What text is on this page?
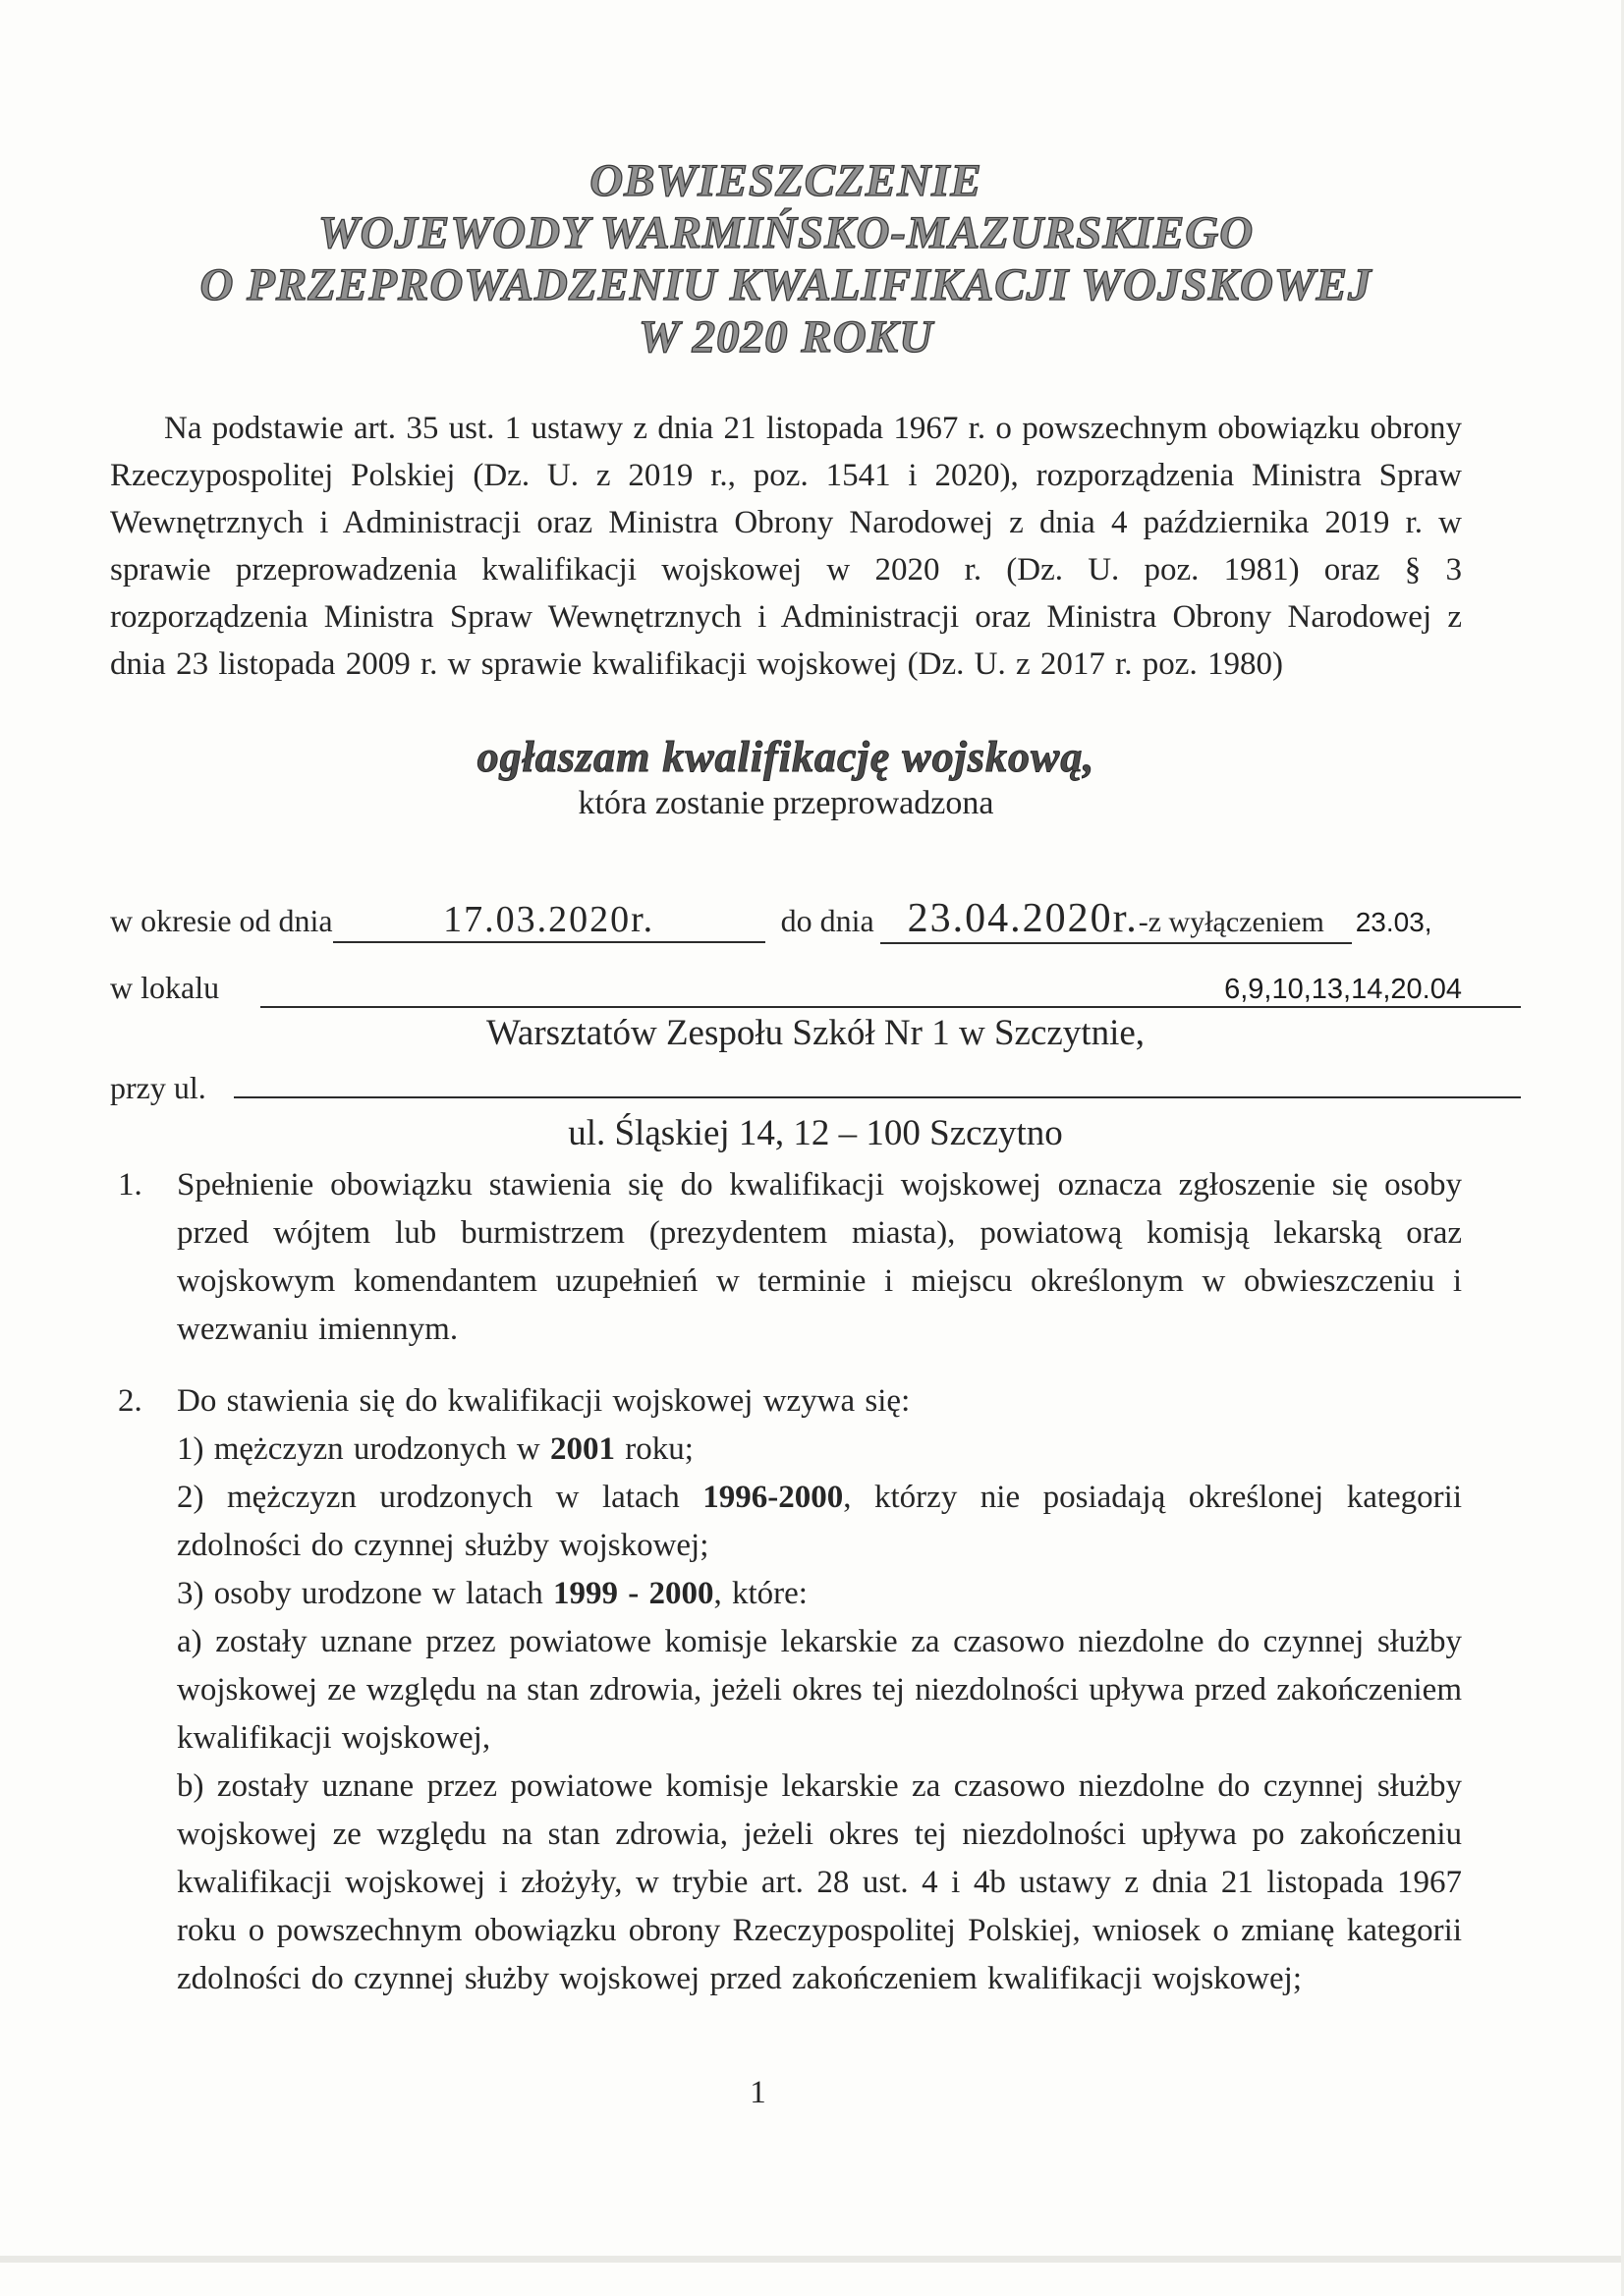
OBWIESZCZENIE
WOJEWODY WARMIŃSKO-MAZURSKIEGO
O PRZEPROWADZENIU KWALIFIKACJI WOJSKOWEJ
W 2020 ROKU

Na podstawie art. 35 ust. 1 ustawy z dnia 21 listopada 1967 r. o powszechnym obowiązku obrony Rzeczypospolitej Polskiej (Dz. U. z 2019 r., poz. 1541 i 2020), rozporządzenia Ministra Spraw Wewnętrznych i Administracji oraz Ministra Obrony Narodowej z dnia 4 października 2019 r. w sprawie przeprowadzenia kwalifikacji wojskowej w 2020 r. (Dz. U. poz. 1981) oraz § 3 rozporządzenia Ministra Spraw Wewnętrznych i Administracji oraz Ministra Obrony Narodowej z dnia 23 listopada 2009 r. w sprawie kwalifikacji wojskowej (Dz. U. z 2017 r. poz. 1980)

ogłaszam kwalifikację wojskową,
która zostanie przeprowadzona
w okresie od dnia	17.03.2020r.	do dnia 23.04.2020r.-z wyłączeniem	23.03,
w lokalu	6,9,10,13,14,20.04
Warsztatów Zespołu Szkół Nr 1 w Szczytnie,
przy ul.
ul. Śląskiej 14, 12 – 100 Szczytno
1. Spełnienie obowiązku stawienia się do kwalifikacji wojskowej oznacza zgłoszenie się osoby przed wójtem lub burmistrzem (prezydentem miasta), powiatową komisją lekarską oraz wojskowym komendantem uzupełnień w terminie i miejscu określonym w obwieszczeniu i wezwaniu imiennym.
2. Do stawienia się do kwalifikacji wojskowej wzywa się:
1) mężczyzn urodzonych w 2001 roku;
2) mężczyzn urodzonych w latach 1996-2000, którzy nie posiadają określonej kategorii zdolności do czynnej służby wojskowej;
3) osoby urodzone w latach 1999 - 2000, które:
a) zostały uznane przez powiatowe komisje lekarskie za czasowo niezdolne do czynnej służby wojskowej ze względu na stan zdrowia, jeżeli okres tej niezdolności upływa przed zakończeniem kwalifikacji wojskowej,
b) zostały uznane przez powiatowe komisje lekarskie za czasowo niezdolne do czynnej służby wojskowej ze względu na stan zdrowia, jeżeli okres tej niezdolności upływa po zakończeniu kwalifikacji wojskowej i złożyły, w trybie art. 28 ust. 4 i 4b ustawy z dnia 21 listopada 1967 roku o powszechnym obowiązku obrony Rzeczypospolitej Polskiej, wniosek o zmianę kategorii zdolności do czynnej służby wojskowej przed zakończeniem kwalifikacji wojskowej;
1
